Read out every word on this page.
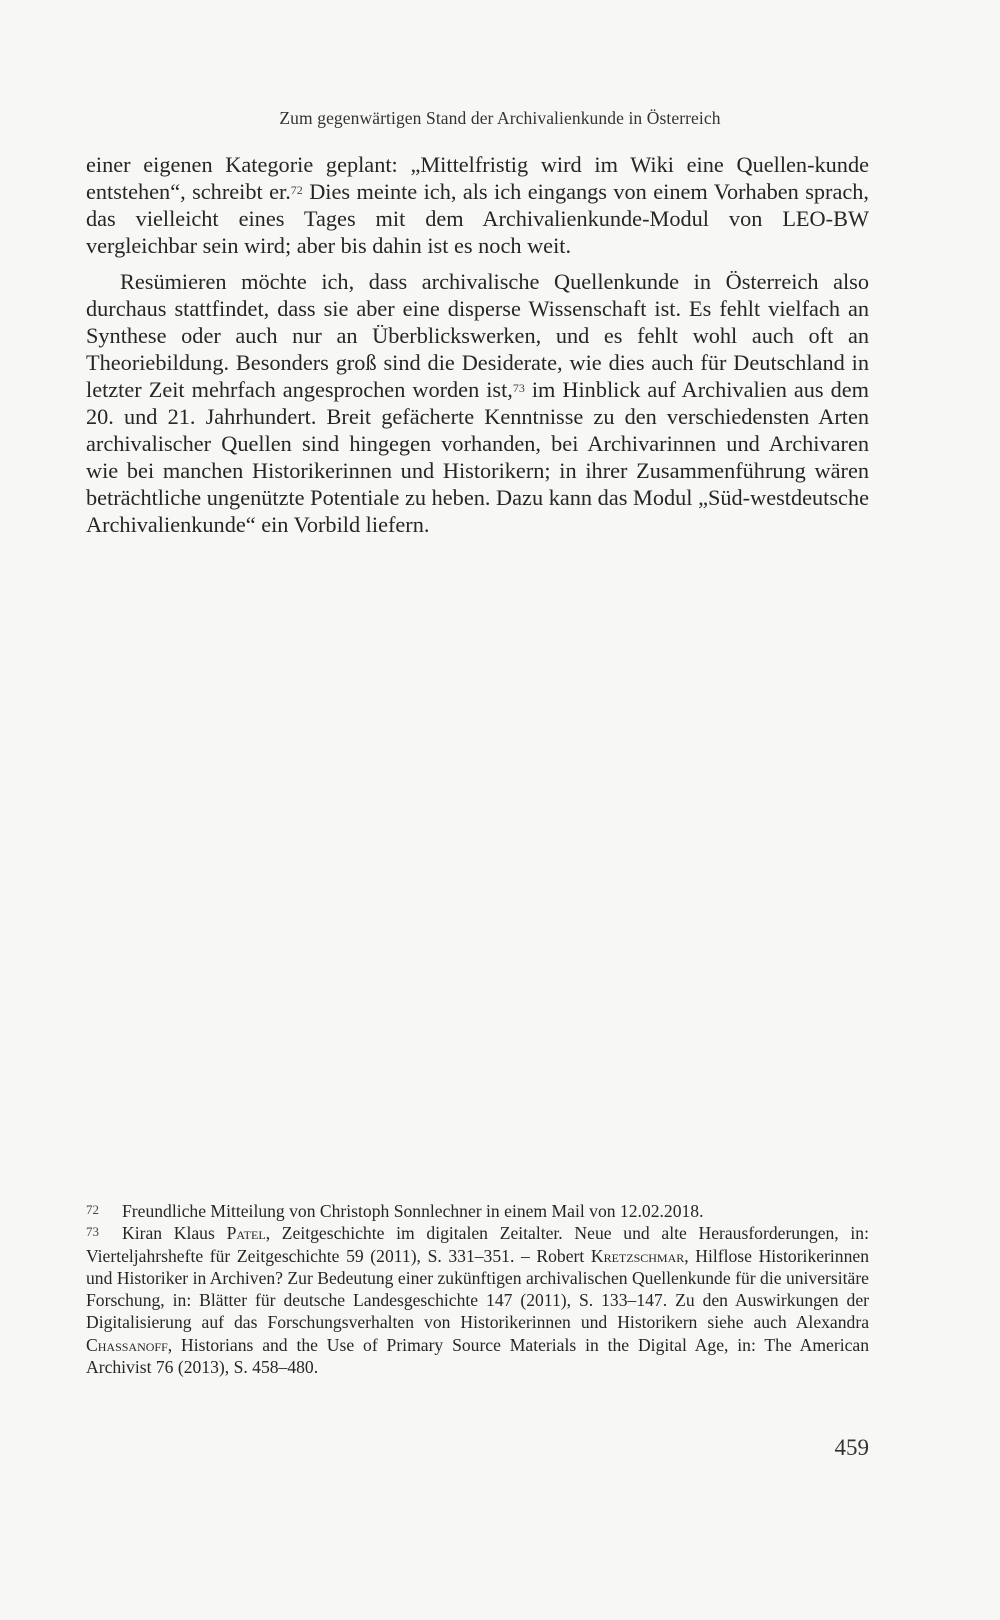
Zum gegenwärtigen Stand der Archivalienkunde in Österreich

einer eigenen Kategorie geplant: „Mittelfristig wird im Wiki eine Quellen-kunde entstehen“, schreibt er.$^{72}$ Dies meinte ich, als ich eingangs von einem Vorhaben sprach, das vielleicht eines Tages mit dem Archivalienkunde-Modul von LEO-BW vergleichbar sein wird; aber bis dahin ist es noch weit.

Resümieren möchte ich, dass archivalische Quellenkunde in Österreich also durchaus stattfindet, dass sie aber eine disperse Wissenschaft ist. Es fehlt vielfach an Synthese oder auch nur an Überblickswerken, und es fehlt wohl auch oft an Theoriebildung. Besonders groß sind die Desiderate, wie dies auch für Deutschland in letzter Zeit mehrfach angesprochen worden ist,$^{73}$ im Hinblick auf Archivalien aus dem 20. und 21. Jahrhundert. Breit gefächerte Kenntnisse zu den verschiedensten Arten archivalischer Quellen sind hingegen vorhanden, bei Archivarinnen und Archivaren wie bei manchen Historikerinnen und Historikern; in ihrer Zusammenführung wären beträchtliche ungenützte Potentiale zu heben. Dazu kann das Modul „Süd-westdeutsche Archivalienkunde“ ein Vorbild liefern.

72 Freundliche Mitteilung von Christoph Sonnlechner in einem Mail von 12.02.2018.

73 Kiran Klaus Patel, Zeitgeschichte im digitalen Zeitalter. Neue und alte Herausforderungen, in: Vierteljahrshefte für Zeitgeschichte 59 (2011), S. 331–351. – Robert Kretzschmar, Hilflose Historikerinnen und Historiker in Archiven? Zur Bedeutung einer zukünftigen archivalischen Quellenkunde für die universitäre Forschung, in: Blätter für deutsche Landesgeschichte 147 (2011), S. 133–147. Zu den Auswirkungen der Digitalisierung auf das Forschungsverhalten von Historikerinnen und Historikern siehe auch Alexandra Chassanoff, Historians and the Use of Primary Source Materials in the Digital Age, in: The American Archivist 76 (2013), S. 458–480.

459
